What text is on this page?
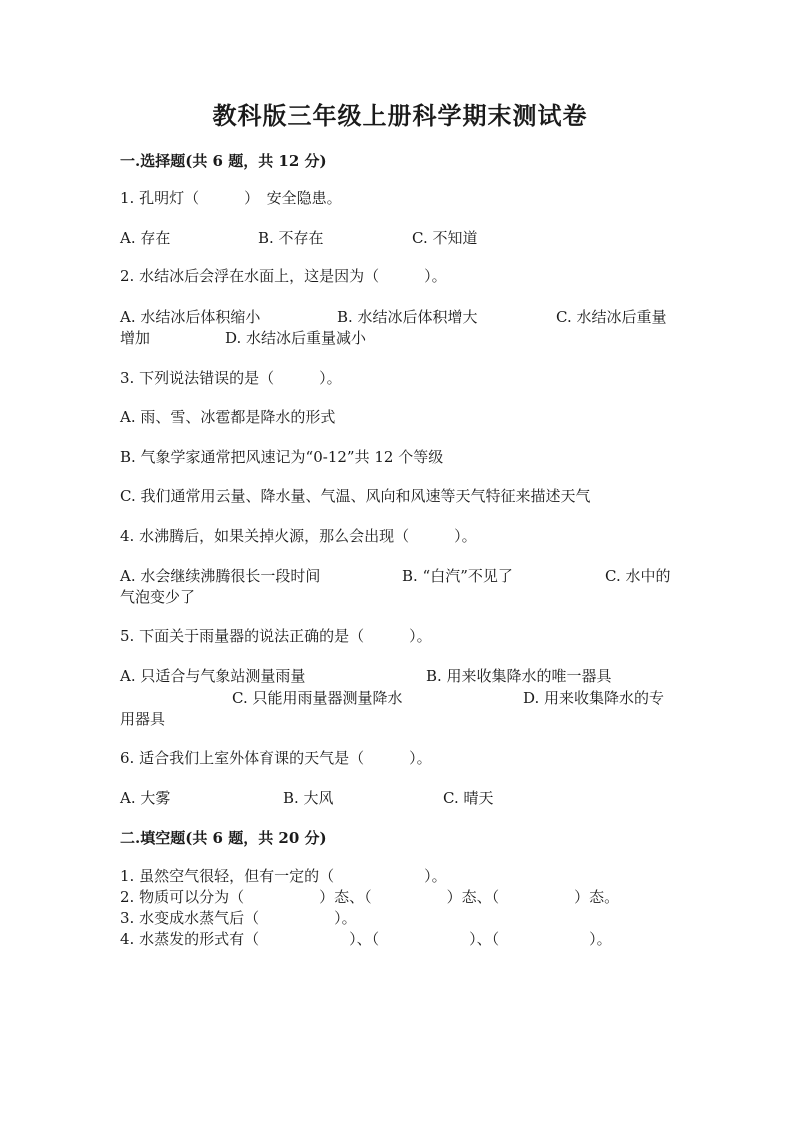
教科版三年级上册科学期末测试卷
一.选择题(共 6 题，共 12 分)
1. 孔明灯（　　　）　安全隐患。
A. 存在	B. 不存在	C. 不知道
2. 水结冰后会浮在水面上，这是因为（　　　）。
A. 水结冰后体积缩小	B. 水结冰后体积增大	C. 水结冰后重量
增加	D. 水结冰后重量减小
3. 下列说法错误的是（　　　）。
A. 雨、雪、冰雹都是降水的形式
B. 气象学家通常把风速记为“0-12”共 12 个等级
C. 我们通常用云量、降水量、气温、风向和风速等天气特征来描述天气
4. 水沸腾后，如果关掉火源，那么会出现（　　　）。
A. 水会继续沸腾很长一段时间	B. “白汽”不见了	C. 水中的
气泡变少了
5. 下面关于雨量器的说法正确的是（　　　）。
A. 只适合与气象站测量雨量	B. 用来收集降水的唯一器具
C. 只能用雨量器测量降水	D. 用来收集降水的专
用器具
6. 适合我们上室外体育课的天气是（　　　）。
A. 大雾	B. 大风	C. 晴天
二.填空题(共 6 题，共 20 分)
1. 虽然空气很轻，但有一定的（　　　　　　）。
2. 物质可以分为（　　　　　）态、（　　　　　）态、（　　　　　）态。
3. 水变成水蒸气后（　　　　　）。
4. 水蒸发的形式有（　　　　　　）、（　　　　　　）、（　　　　　　）。
